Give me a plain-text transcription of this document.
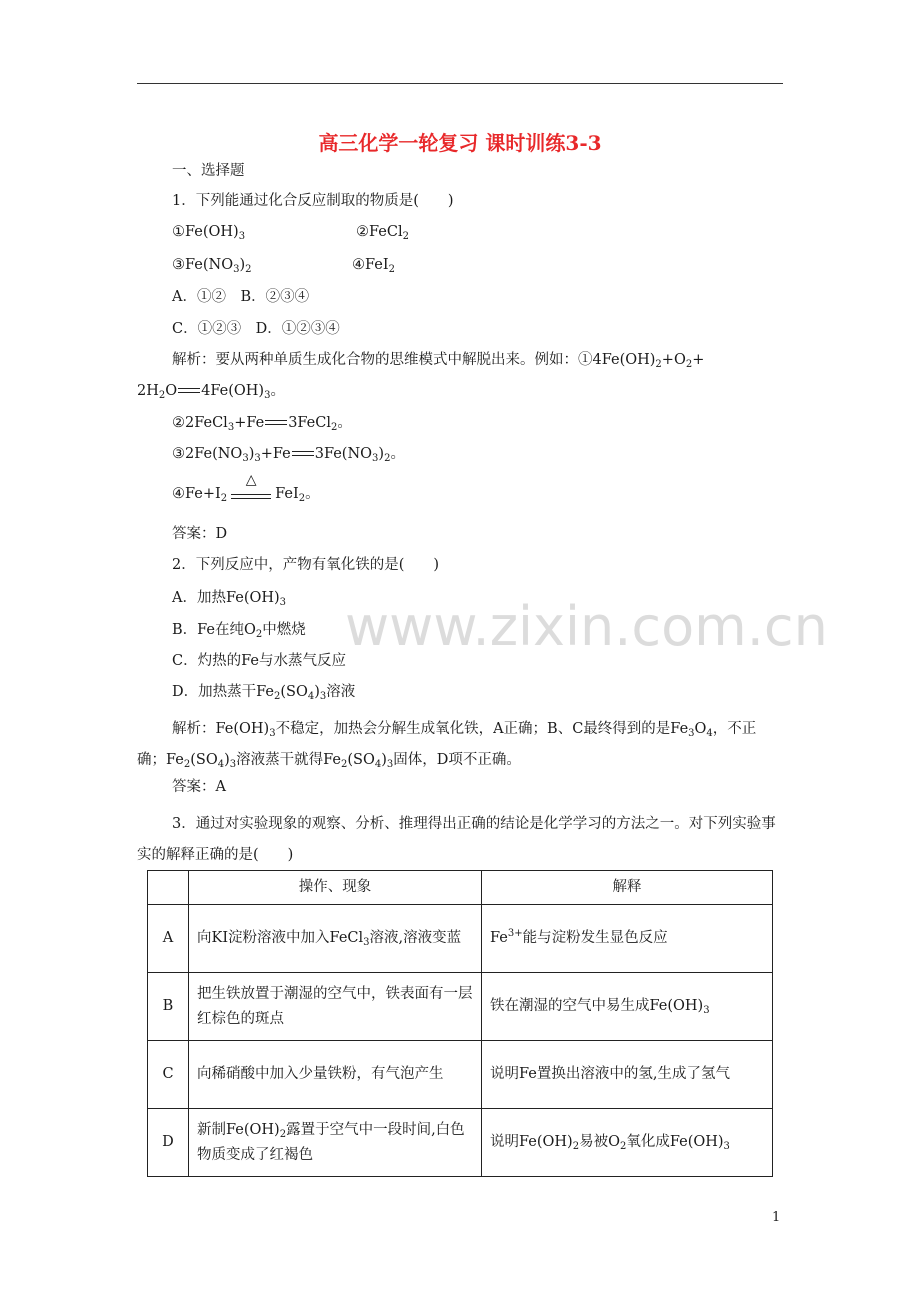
高三化学一轮复习 课时训练3-3
www.zixin.com.cn
一、选择题
1．下列能通过化合反应制取的物质是(　　)
$①Fe(OH)_3$	②FeCl$_2$
$③Fe(NO_3)_2$	④FeI$_2$
A．①②　B．②③④
C．①②③　D．①②③④
解析：要从两种单质生成化合物的思维模式中解脱出来。例如：$①4Fe(OH)_2+O_2+$
$2H_2O$ $4Fe(OH)_3$。
②2FeCl$_3$+Fe 3FeCl$_2$。
$③2Fe(NO_3)_3+Fe$ $3Fe(NO_3)_2$。
$④Fe+I_2$
△
FeI$_2$。
答案：D
2．下列反应中，产物有氧化铁的是(　　)
A．加热$Fe(OH)_3$
B．Fe在纯$O_2$中燃烧
C．灼热的Fe与水蒸气反应
D．加热蒸干$Fe_2(SO_4)_3$溶液
解析：$Fe(OH)_3$不稳定，加热会分解生成氧化铁，A正确；B、C最终得到的是$Fe_3O_4$，不正确；$Fe_2(SO_4)_3$溶液蒸干就得$Fe_2(SO_4)_3$固体，D项不正确。
答案：A
3．通过对实验现象的观察、分析、推理得出正确的结论是化学学习的方法之一。对下列实验事实的解释正确的是(　　)
	操作、现象	解释
A	向KI淀粉溶液中加入FeCl$_3$溶液,溶液变蓝	$Fe^{3+}$能与淀粉发生显色反应
B	把生铁放置于潮湿的空气中，铁表面有一层红棕色的斑点	铁在潮湿的空气中易生成$Fe(OH)_3$
C	向稀硝酸中加入少量铁粉，有气泡产生	说明Fe置换出溶液中的氢,生成了氢气
D	新制$Fe(OH)_2$露置于空气中一段时间,白色物质变成了红褐色	说明$Fe(OH)_2$易被$O_2$氧化成$Fe(OH)_3$
1
